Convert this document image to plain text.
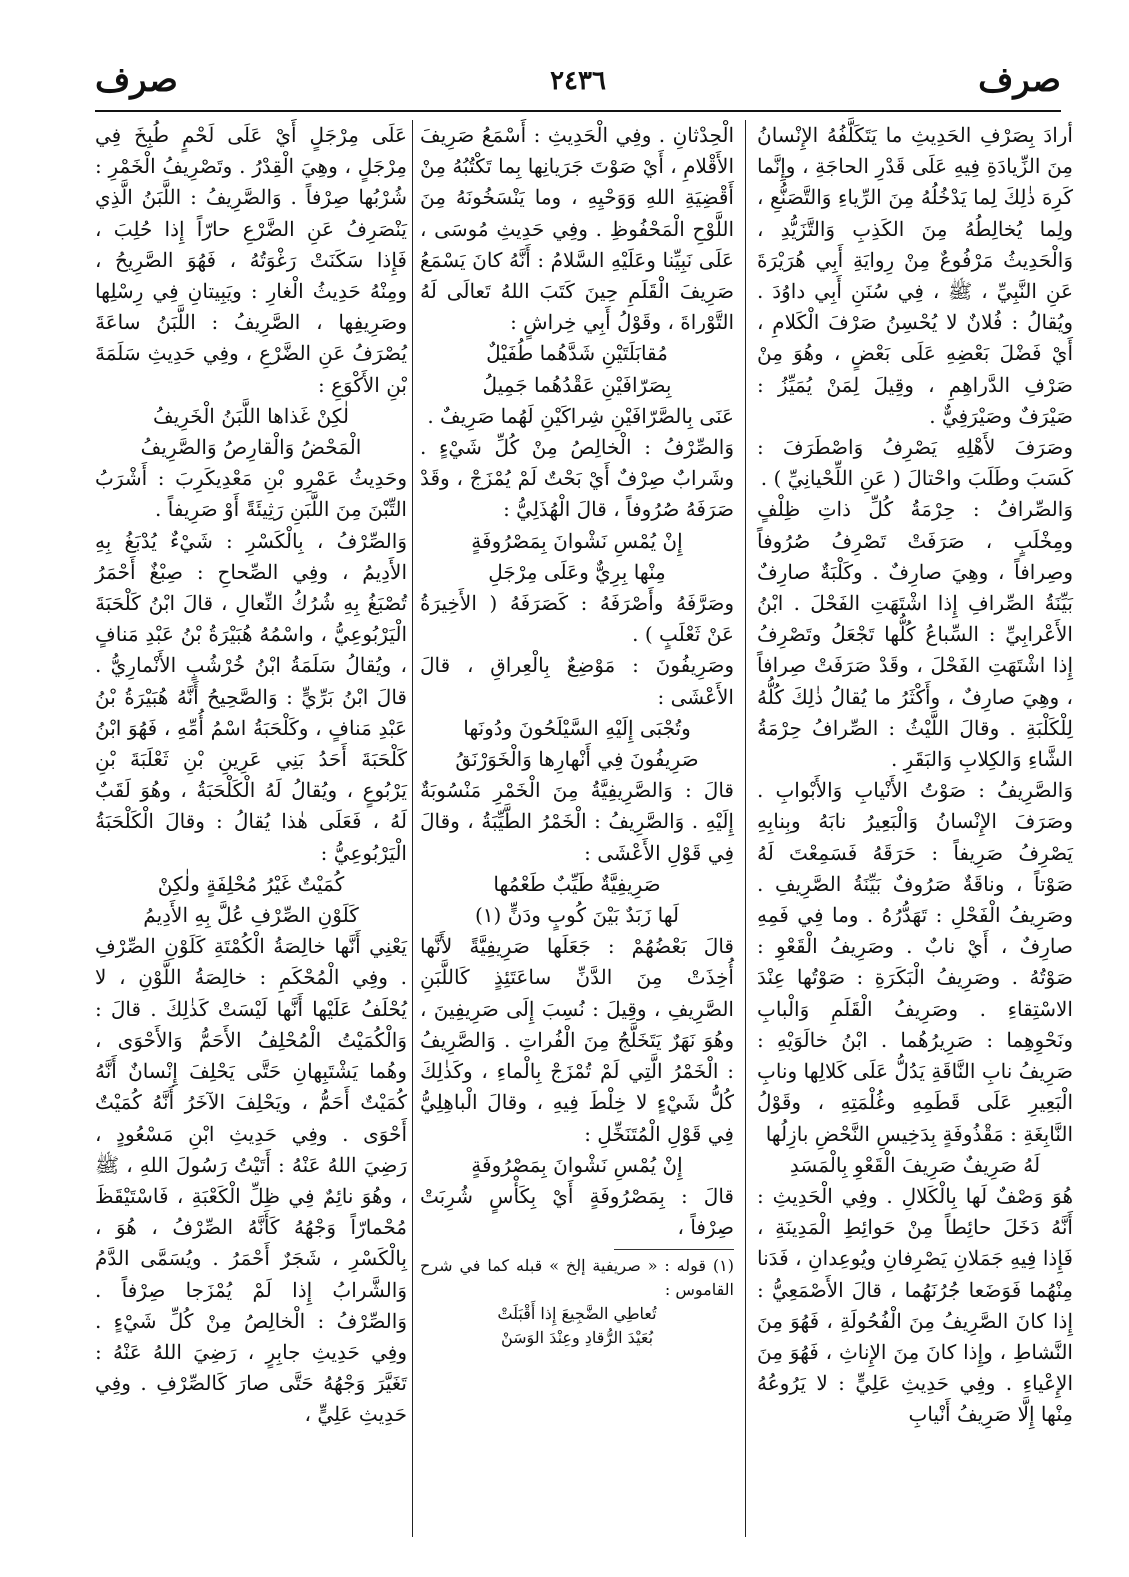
صرف
٢٤٣٦
صرف

أرادَ بِصَرْفِ الحَدِيثِ ما يَتَكَلَّفُهُ الإِنْسانُ مِنَ الزِّيادَةِ فِيهِ عَلَى قَدْرِ الحاجَةِ ، وإِنَّما كَرِهَ ذٰلِكَ لِما يَدْخُلُهُ مِنَ الرِّياءِ وَالتَّصَنُّعِ ، ولِما يُخالِطُهُ مِنَ الكَذِبِ وَالتَّزَيُّدِ ، وَالْحَدِيثُ مَرْفُوعٌ مِنْ رِوايَةِ أَبِي هُرَيْرَةَ عَنِ النَّبِيِّ ، ﷺ ، فِي سُنَنِ أَبِي داوُدَ . ويُقالُ : فُلانٌ لا يُحْسِنُ صَرْفَ الْكَلامِ ، أَيْ فَضْلَ بَعْضِهِ عَلَى بَعْضٍ ، وهُوَ مِنْ صَرْفِ الدَّراهِمِ ، وقِيلَ لِمَنْ يُمَيِّزُ : صَيْرَفٌ وصَيْرَفِيٌّ .

وصَرَفَ لأَهْلِهِ يَصْرِفُ وَاصْطَرَفَ : كَسَبَ وطَلَبَ واحْتالَ ( عَنِ اللِّحْيانِيِّ ) .

وَالصِّرافُ : حِرْمَةُ كُلِّ ذاتِ ظِلْفٍ ومِخْلَبٍ ، صَرَفَتْ تَصْرِفُ صُرُوفاً وصِرافاً ، وهِيَ صارِفٌ . وكَلْبَةٌ صارِفٌ بَيِّنَةُ الصِّرافِ إِذا اشْتَهَتِ الفَحْلَ . ابْنُ الأَعْرابِيِّ : السِّباعُ كُلُّها تَجْعَلُ وتَصْرِفُ إِذا اشْتَهَتِ الفَحْلَ ، وقَدْ صَرَفَتْ صِرافاً ، وهِيَ صارِفٌ ، وأَكْثَرُ ما يُقالُ ذٰلِكَ كُلُّهُ لِلْكَلْبَةِ . وقالَ اللَّيْثُ : الصِّرافُ حِرْمَةُ الشَّاءِ وَالكِلابِ وَالبَقَرِ .

وَالصَّرِيفُ : صَوْتُ الأَنْيابِ وَالأَبْوابِ . وصَرَفَ الإِنْسانُ وَالْبَعِيرُ نابَهُ وبِنابِهِ يَصْرِفُ صَرِيفاً : حَرَقَهُ فَسَمِعْتَ لَهُ صَوْتاً ، وناقَةٌ صَرُوفٌ بَيِّنَةُ الصَّرِيفِ . وصَرِيفُ الْفَحْلِ : تَهَدُّرُهُ . وما فِي فَمِهِ صارِفٌ ، أَيْ نابٌ . وصَرِيفُ الْقَعْوِ : صَوْتُهُ . وصَرِيفُ الْبَكَرَةِ : صَوْتُها عِنْدَ الاسْتِقاءِ . وصَرِيفُ الْقَلَمِ وَالْبابِ ونَحْوِهِما : صَرِيرُهُما . ابْنُ خالَوَيْهِ : صَرِيفُ نابِ النَّاقَةِ يَدُلُّ عَلَى كَلالِها ونابِ الْبَعِيرِ عَلَى قَطَمِهِ وغُلْمَتِهِ ، وقَوْلُ النَّابِغَةِ : مَقْذُوفَةٍ بِدَخِيسِ النَّحْضِ بازِلُها

لَهُ صَرِيفٌ صَرِيفَ الْقَعْوِ بِالْمَسَدِ

هُوَ وَصْفٌ لَها بِالْكَلالِ . وفِي الْحَدِيثِ : أَنَّهُ دَخَلَ حائِطاً مِنْ حَوائِطِ الْمَدِينَةِ ، فَإِذا فِيهِ جَمَلانِ يَصْرِفانِ ويُوعِدانِ ، فَدَنا مِنْهُما فَوَضَعا جُرُنَهُما ، قالَ الأَصْمَعِيُّ : إِذا كانَ الصَّرِيفُ مِنَ الْفُحُولَةِ ، فَهُوَ مِنَ النَّشاطِ ، وإِذا كانَ مِنَ الإِناثِ ، فَهُوَ مِنَ الإِعْياءِ . وفِي حَدِيثِ عَلِيٍّ : لا يَرُوعُهُ مِنْها إِلَّا صَرِيفُ أَنْيابِ

الْحِدْثانِ . وفِي الْحَدِيثِ : أَسْمَعُ صَرِيفَ الأَقْلامِ ، أَيْ صَوْتَ جَرَيانِها بِما تَكْتُبُهُ مِنْ أَقْضِيَةِ اللهِ وَوَحْيِهِ ، وما يَنْسَخُونَهُ مِنَ اللَّوْحِ الْمَحْفُوظِ . وفِي حَدِيثِ مُوسَى ، عَلَى نَبِيِّنا وعَلَيْهِ السَّلامُ : أَنَّهُ كانَ يَسْمَعُ صَرِيفَ الْقَلَمِ حِينَ كَتَبَ اللهُ تَعالَى لَهُ التَّوْراةَ ، وقَوْلُ أَبِي خِراشٍ :

مُقابَلَتَيْنِ شَدَّهُما طُفَيْلٌ

بِصَرّافَيْنِ عَقْدُهُما جَمِيلُ

عَنَى بِالصَّرّافَيْنِ شِراكَيْنِ لَهُما صَرِيفٌ .

وَالصِّرْفُ : الْخالِصُ مِنْ كُلِّ شَيْءٍ . وشَرابٌ صِرْفٌ أَيْ بَحْتٌ لَمْ يُمْزَجْ ، وقَدْ صَرَفَهُ صُرُوفاً ، قالَ الْهُذَلِيُّ :

إِنْ يُمْسِ نَشْوانَ بِمَصْرُوفَةٍ

مِنْها بِرِيٌّ وعَلَى مِرْجَلِ

وصَرَّفَهُ وأَصْرَفَهُ : كَصَرَفَهُ ( الأَخِيرَةُ عَنْ ثَعْلَبٍ ) .

وصَرِيفُونَ : مَوْضِعٌ بِالْعِراقِ ، قالَ الأَعْشَى :

وتُجْبَى إِلَيْهِ السَّيْلَحُونَ ودُونَها

صَرِيفُونَ فِي أَنْهارِها وَالْخَوَرْنَقُ

قالَ : وَالصَّرِيفِيَّةُ مِنَ الْخَمْرِ مَنْسُوبَةٌ إِلَيْهِ . وَالصَّرِيفُ : الْخَمْرُ الطَّيِّبَةُ ، وقالَ فِي قَوْلِ الأَعْشَى :

صَرِيفِيَّةٌ طَيِّبٌ طَعْمُها

لَها زَبَدٌ بَيْنَ كُوبٍ ودَنٍّ (١)

قالَ بَعْضُهُمْ : جَعَلَها صَرِيفِيَّةً لأَنَّها أُخِذَتْ مِنَ الدَّنِّ ساعَتَئِذٍ كَاللَّبَنِ الصَّرِيفِ ، وقِيلَ : نُسِبَ إِلَى صَرِيفِينَ ، وهُوَ نَهَرٌ يَتَخَلَّجُ مِنَ الْفُراتِ . وَالصَّرِيفُ : الْخَمْرُ الَّتِي لَمْ تُمْزَجْ بِالْماءِ ، وكَذٰلِكَ كُلُّ شَيْءٍ لا خِلْطَ فِيهِ ، وقالَ الْباهِلِيُّ فِي قَوْلِ الْمُتَنَخِّلِ :

إِنْ يُمْسِ نَشْوانَ بِمَصْرُوفَةٍ

قالَ : بِمَصْرُوفَةٍ أَيْ بِكَأْسٍ شُرِبَتْ صِرْفاً ،

(١) قوله : « صريفية إلخ » قبله كما في شرح القاموس :

تُعاطِي الضَّجِيعَ إِذا أَقْبَلَتْ

بُعَيْدَ الرُّقادِ وعِنْدَ الوَسَنْ

عَلَى مِرْجَلٍ أَيْ عَلَى لَحْمٍ طُبِخَ فِي مِرْجَلٍ ، وهِيَ الْقِدْرُ . وتَصْرِيفُ الْخَمْرِ : شُرْبُها صِرْفاً . وَالصَّرِيفُ : اللَّبَنُ الَّذِي يَنْصَرِفُ عَنِ الضَّرْعِ حارّاً إِذا حُلِبَ ، فَإِذا سَكَنَتْ رَغْوَتُهُ ، فَهُوَ الصَّرِيحُ ، ومِنْهُ حَدِيثُ الْغارِ : ويَبِيتانِ فِي رِسْلِها وصَرِيفِها ، الصَّرِيفُ : اللَّبَنُ ساعَةَ يُصْرَفُ عَنِ الضَّرْعِ ، وفِي حَدِيثِ سَلَمَةَ بْنِ الأَكْوَعِ :

لٰكِنْ غَذاها اللَّبَنُ الْخَرِيفُ

الْمَحْضُ وَالْقارِصُ وَالصَّرِيفُ

وحَدِيثُ عَمْرِو بْنِ مَعْدِيكَرِبَ : أَشْرَبُ التِّبْنَ مِنَ اللَّبَنِ رَثِيئَةً أَوْ صَرِيفاً .

وَالصِّرْفُ ، بِالْكَسْرِ : شَيْءٌ يُدْبَغُ بِهِ الأَدِيمُ ، وفِي الصِّحاحِ : صِبْغٌ أَحْمَرُ تُصْبَغُ بِهِ شُرُكُ النِّعالِ ، قالَ ابْنُ كَلْحَبَةَ الْيَرْبُوعِيُّ ، واسْمُهُ هُبَيْرَةُ بْنُ عَبْدِ مَنافٍ ، ويُقالُ سَلَمَةُ ابْنُ خُرْشُبٍ الأَنْمارِيُّ . قالَ ابْنُ بَرِّيٍّ : وَالصَّحِيحُ أَنَّهُ هُبَيْرَةُ بْنُ عَبْدِ مَنافٍ ، وكَلْحَبَةُ اسْمُ أُمِّهِ ، فَهُوَ ابْنُ كَلْحَبَةَ أَحَدُ بَنِي عَرِينِ بْنِ ثَعْلَبَةَ بْنِ يَرْبُوعٍ ، ويُقالُ لَهُ الْكَلْحَبَةُ ، وهُوَ لَقَبٌ لَهُ ، فَعَلَى هٰذا يُقالُ : وقالَ الْكَلْحَبَةُ الْيَرْبُوعِيُّ :

كُمَيْتٌ غَيْرُ مُحْلِفَةٍ ولٰكِنْ

كَلَوْنِ الصِّرْفِ عُلَّ بِهِ الأَدِيمُ

يَعْنِي أَنَّها خالِصَةُ الْكُمْتَةِ كَلَوْنِ الصِّرْفِ . وفِي الْمُحْكَمِ : خالِصَةُ اللَّوْنِ ، لا يُحْلَفُ عَلَيْها أَنَّها لَيْسَتْ كَذٰلِكَ . قالَ : وَالْكُمَيْتُ الْمُحْلِفُ الأَحَمُّ وَالأَحْوَى ، وهُما يَشْتَبِهانِ حَتَّى يَحْلِفَ إِنْسانٌ أَنَّهُ كُمَيْتٌ أَحَمُّ ، ويَحْلِفَ الآخَرُ أَنَّهُ كُمَيْتٌ أَحْوَى . وفِي حَدِيثِ ابْنِ مَسْعُودٍ ، رَضِيَ اللهُ عَنْهُ : أَتَيْتُ رَسُولَ اللهِ ، ﷺ ، وهُوَ نائِمٌ فِي ظِلِّ الْكَعْبَةِ ، فَاسْتَيْقَظَ مُحْمارّاً وَجْهُهُ كَأَنَّهُ الصِّرْفُ ، هُوَ ، بِالْكَسْرِ ، شَجَرٌ أَحْمَرُ . ويُسَمَّى الدَّمُ وَالشَّرابُ إِذا لَمْ يُمْزَجا صِرْفاً . وَالصِّرْفُ : الْخالِصُ مِنْ كُلِّ شَيْءٍ . وفِي حَدِيثِ جابِرٍ ، رَضِيَ اللهُ عَنْهُ : تَغَيَّرَ وَجْهُهُ حَتَّى صارَ كَالصِّرْفِ . وفِي حَدِيثِ عَلِيٍّ ،
